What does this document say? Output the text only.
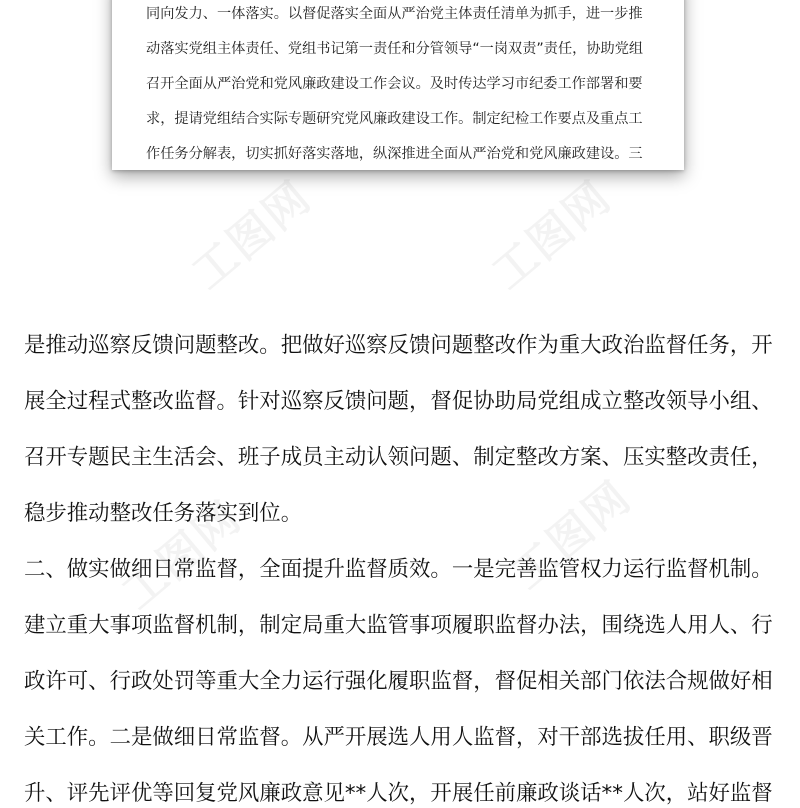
同向发力、一体落实。以督促落实全面从严治党主体责任清单为抓手，进一步推
动落实党组主体责任、党组书记第一责任和分管领导“一岗双责”责任，协助党组
召开全面从严治党和党风廉政建设工作会议。及时传达学习市纪委工作部署和要
求，提请党组结合实际专题研究党风廉政建设工作。制定纪检工作要点及重点工
作任务分解表，切实抓好落实落地，纵深推进全面从严治党和党风廉政建设。三
是推动巡察反馈问题整改。把做好巡察反馈问题整改作为重大政治监督任务，开
展全过程式整改监督。针对巡察反馈问题，督促协助局党组成立整改领导小组、
召开专题民主生活会、班子成员主动认领问题、制定整改方案、压实整改责任，
稳步推动整改任务落实到位。
二、做实做细日常监督，全面提升监督质效。一是完善监管权力运行监督机制。
建立重大事项监督机制，制定局重大监管事项履职监督办法，围绕选人用人、行
政许可、行政处罚等重大全力运行强化履职监督，督促相关部门依法合规做好相
关工作。二是做细日常监督。从严开展选人用人监督，对干部选拔任用、职级晋
升、评先评优等回复党风廉政意见**人次，开展任前廉政谈话**人次，站好监督
